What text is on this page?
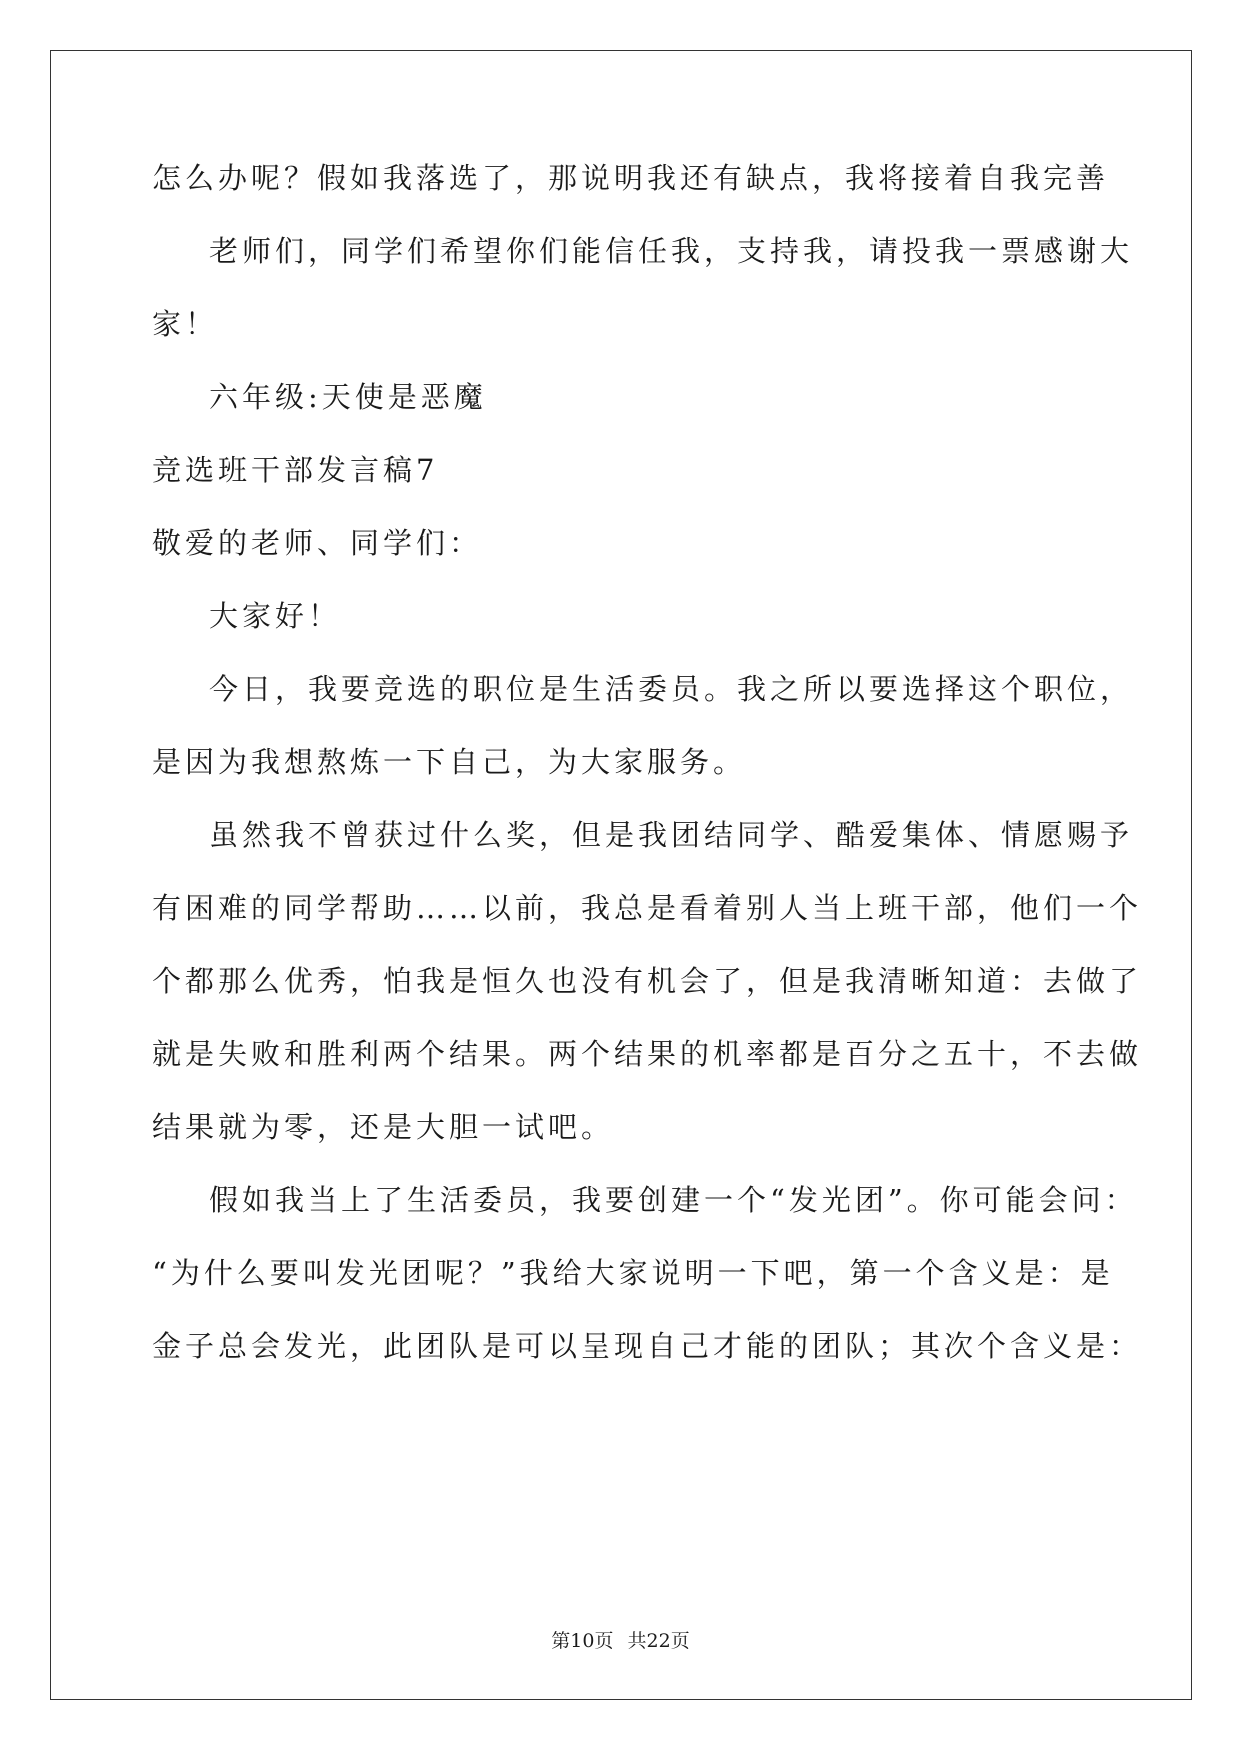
怎么办呢？假如我落选了，那说明我还有缺点，我将接着自我完善
老师们，同学们希望你们能信任我，支持我，请投我一票感谢大
家！
六年级:天使是恶魔
竞选班干部发言稿7
敬爱的老师、同学们：
大家好！
今日，我要竞选的职位是生活委员。我之所以要选择这个职位，
是因为我想熬炼一下自己，为大家服务。
虽然我不曾获过什么奖，但是我团结同学、酷爱集体、情愿赐予
有困难的同学帮助……以前，我总是看着别人当上班干部，他们一个
个都那么优秀，怕我是恒久也没有机会了，但是我清晰知道：去做了
就是失败和胜利两个结果。两个结果的机率都是百分之五十，不去做
结果就为零，还是大胆一试吧。
假如我当上了生活委员，我要创建一个“发光团”。你可能会问：
“为什么要叫发光团呢？”我给大家说明一下吧，第一个含义是：是
金子总会发光，此团队是可以呈现自己才能的团队；其次个含义是：
第10页 共22页
